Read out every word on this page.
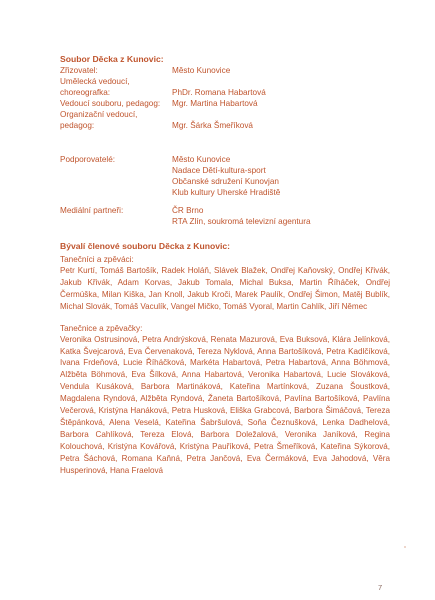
Soubor Děcka z Kunovic:
Zřizovatel:	Město Kunovice
Umělecká vedoucí,
choreografka:	PhDr. Romana Habartová
Vedoucí souboru, pedagog: Mgr. Martina Habartová
Organizační vedoucí,
pedagog:	Mgr. Šárka Šmeříková
Podporovatelé:	Město Kunovice
Nadace Dětí-kultura-sport
Občanské sdružení Kunovjan
Klub kultury Uherské Hradiště
Mediální partneři:	ČR Brno
RTA Zlín, soukromá televizní agentura
Bývalí členové souboru Děcka z Kunovic:
Tanečníci a zpěváci:

Petr Kurtí, Tomáš Bartošík, Radek Holáň, Slávek Blažek, Ondřej Kaňovský, Ondřej Křivák, Jakub Křivák, Adam Korvas, Jakub Tomala, Michal Buksa, Martin Říháček, Ondřej Čermúška, Milan Kiška, Jan Knoll, Jakub Kroči, Marek Paulík, Ondřej Šimon, Matěj Bublík, Michal Slovák, Tomáš Vaculík, Vangel Mičko, Tomáš Vyoral, Martin Cahlík, Jiří Němec

Tanečnice a zpěvačky:

Veronika Ostrusinová, Petra Andrýsková, Renata Mazurová, Eva Buksová, Klára Jelínková, Katka Švejcarová, Eva Červenaková, Tereza Nyklová, Anna Bartošíková, Petra Kadlčíková, Ivana Frdeňová, Lucie Říháčková, Markéta Habartová, Petra Habartová, Anna Böhmová, Alžběta Böhmová, Eva Šílková, Anna Habartová, Veronika Habartová, Lucie Slováková, Vendula Kusáková, Barbora Martináková, Kateřina Martínková, Zuzana Šoustková, Magdalena Ryndová, Alžběta Ryndová, Žaneta Bartošíková, Pavlína Bartošíková, Pavlína Večerová, Kristýna Hanáková, Petra Husková, Eliška Grabcová, Barbora Šimáčová, Tereza Štěpánková, Alena Veselá, Kateřina Šabršulová, Soňa Čeznušková, Lenka Dadhelová, Barbora Cahlíková, Tereza Elová, Barbora Doležalová, Veronika Janíková, Regina Kolouchová, Kristýna Kovářová, Kristýna Pauříková, Petra Šmeříková, Kateřina Sýkorová, Petra Šáchová, Romana Kaňná, Petra Jančová, Eva Čermáková, Eva Jahodová, Věra Husperinová, Hana Fraelová

7
